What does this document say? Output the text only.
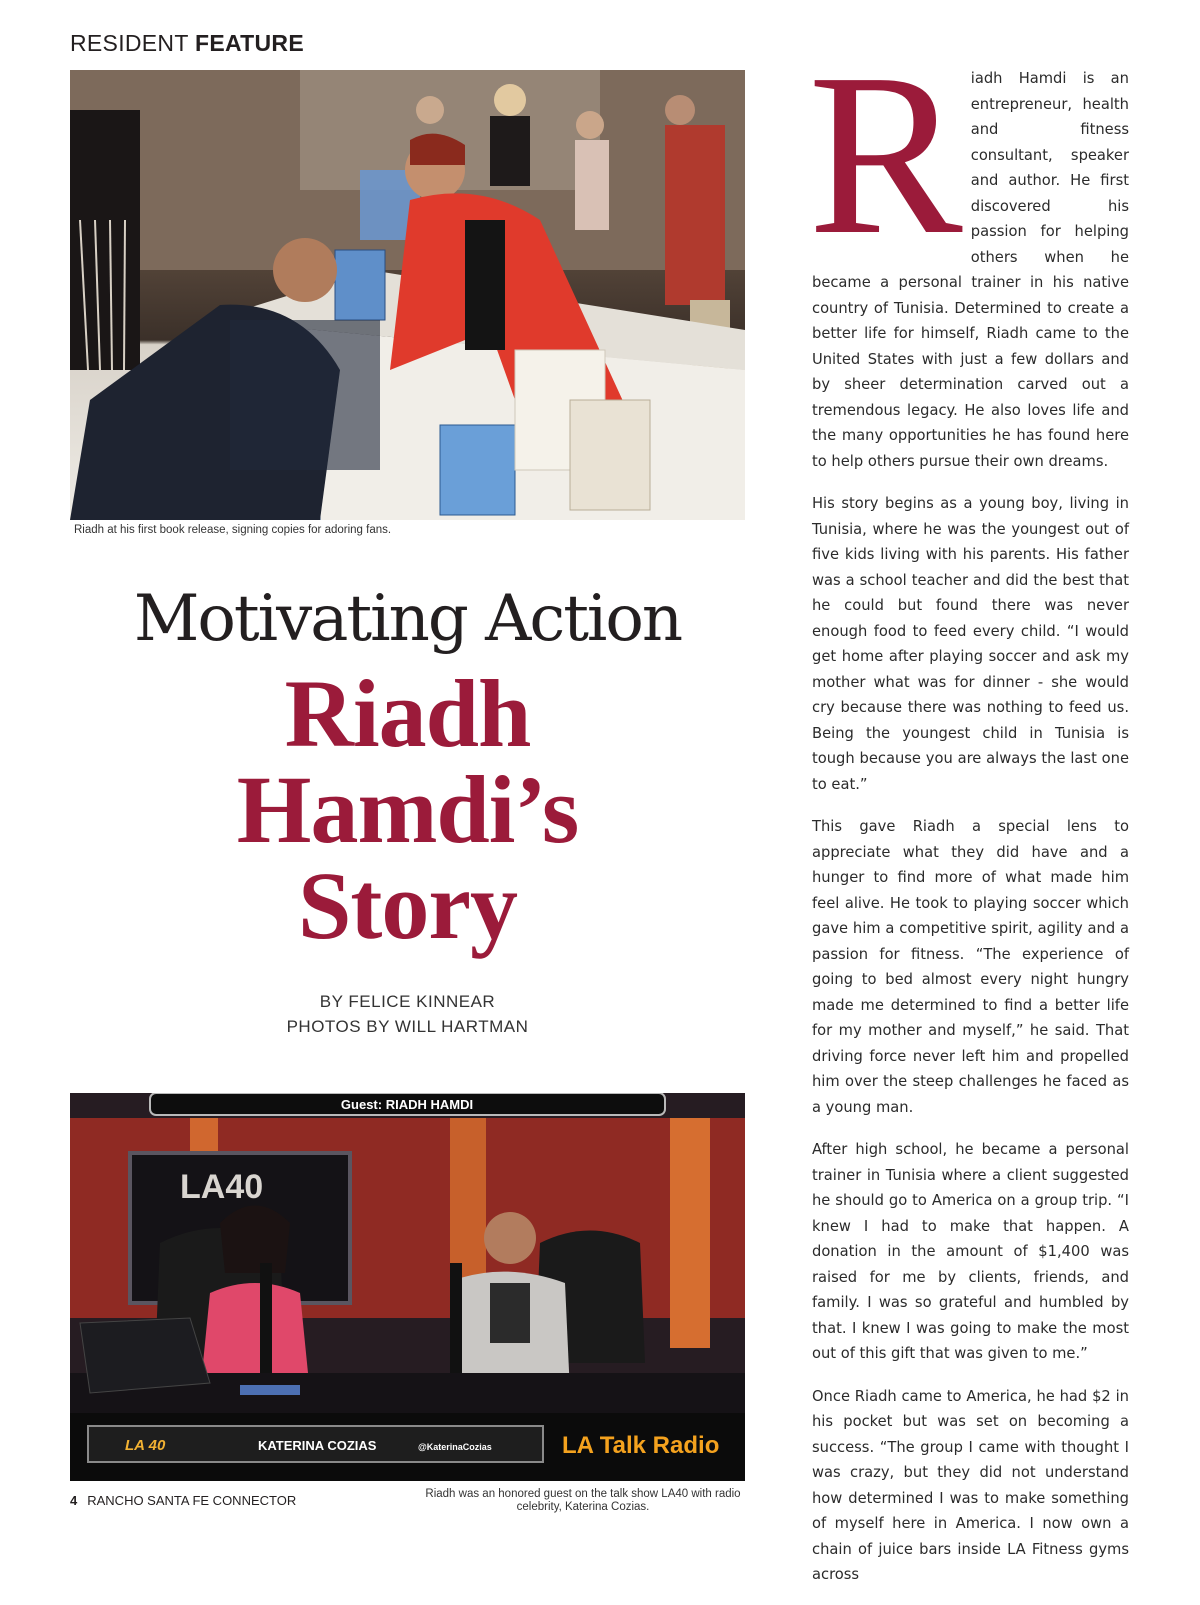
RESIDENT FEATURE
Riadh at his first book release, signing copies for adoring fans.
Motivating Action
Riadh
Hamdi’s
Story
BY FELICE KINNEAR
PHOTOS BY WILL HARTMAN
LA40
Guest: RIADH HAMDI
LA 40	KATERINA COZIAS	@KaterinaCozias	LA Talk Radio
Riadh was an honored guest on the talk show LA40 with radio celebrity, Katerina Cozias.

Riadh Hamdi is an entrepreneur, health and fitness consultant, speaker and author. He first discovered his passion for helping others when he became a personal trainer in his native country of Tunisia. Determined to create a better life for himself, Riadh came to the United States with just a few dollars and by sheer determination carved out a tremendous legacy. He also loves life and the many opportunities he has found here to help others pursue their own dreams.

His story begins as a young boy, living in Tunisia, where he was the youngest out of five kids living with his parents. His father was a school teacher and did the best that he could but found there was never enough food to feed every child. “I would get home after playing soccer and ask my mother what was for dinner - she would cry because there was nothing to feed us. Being the youngest child in Tunisia is tough because you are always the last one to eat.”

This gave Riadh a special lens to appreciate what they did have and a hunger to find more of what made him feel alive. He took to playing soccer which gave him a competitive spirit, agility and a passion for fitness. “The experience of going to bed almost every night hungry made me determined to find a better life for my mother and myself,” he said. That driving force never left him and propelled him over the steep challenges he faced as a young man.

After high school, he became a personal trainer in Tunisia where a client suggested he should go to America on a group trip. “I knew I had to make that happen. A donation in the amount of $1,400 was raised for me by clients, friends, and family. I was so grateful and humbled by that. I knew I was going to make the most out of this gift that was given to me.”

Once Riadh came to America, he had $2 in his pocket but was set on becoming a success. “The group I came with thought I was crazy, but they did not understand how determined I was to make something of myself here in America. I now own a chain of juice bars inside LA Fitness gyms across

4 RANCHO SANTA FE CONNECTOR
